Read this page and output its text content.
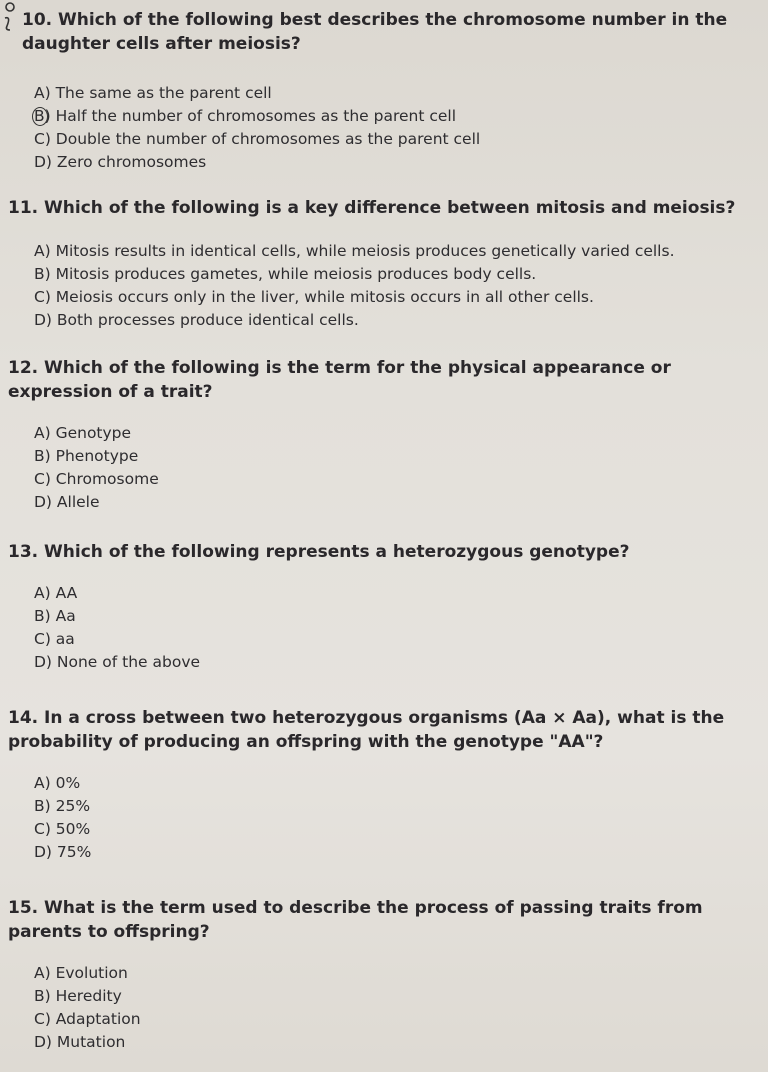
10. Which of the following best describes the chromosome number in the daughter cells after meiosis?

A) The same as the parent cell
B) Half the number of chromosomes as the parent cell
C) Double the number of chromosomes as the parent cell
D) Zero chromosomes

11. Which of the following is a key difference between mitosis and meiosis?

A) Mitosis results in identical cells, while meiosis produces genetically varied cells.
B) Mitosis produces gametes, while meiosis produces body cells.
C) Meiosis occurs only in the liver, while mitosis occurs in all other cells.
D) Both processes produce identical cells.

12. Which of the following is the term for the physical appearance or expression of a trait?

A) Genotype
B) Phenotype
C) Chromosome
D) Allele

13. Which of the following represents a heterozygous genotype?

A) AA
B) Aa
C) aa
D) None of the above

14. In a cross between two heterozygous organisms (Aa × Aa), what is the probability of producing an offspring with the genotype "AA"?

A) 0%
B) 25%
C) 50%
D) 75%

15. What is the term used to describe the process of passing traits from parents to offspring?

A) Evolution
B) Heredity
C) Adaptation
D) Mutation
